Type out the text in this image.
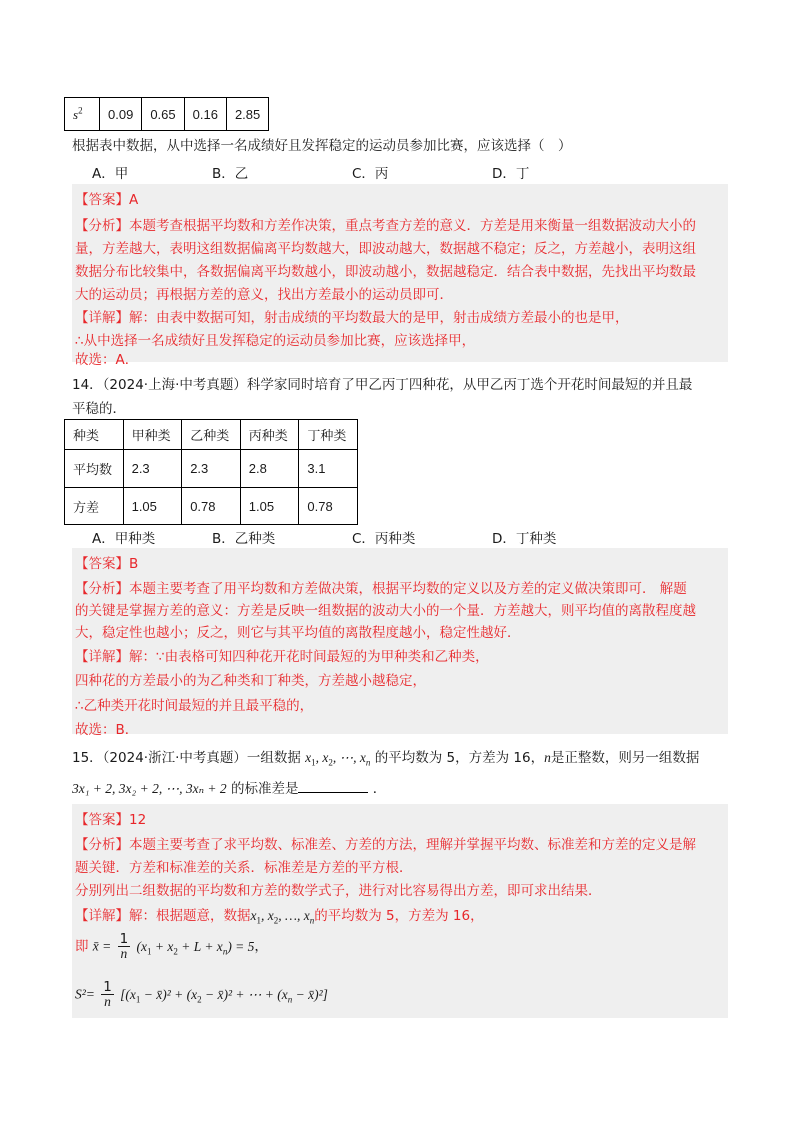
$s^2$	0.09	0.65	0.16	2.85
根据表中数据，从中选择一名成绩好且发挥稳定的运动员参加比赛，应该选择（　）
A．甲	B．乙	C．丙	D．丁
【答案】A
【分析】本题考查根据平均数和方差作决策，重点考查方差的意义．方差是用来衡量一组数据波动大小的
量，方差越大，表明这组数据偏离平均数越大，即波动越大，数据越不稳定；反之，方差越小，表明这组
数据分布比较集中，各数据偏离平均数越小，即波动越小，数据越稳定．结合表中数据，先找出平均数最
大的运动员；再根据方差的意义，找出方差最小的运动员即可．
【详解】解：由表中数据可知，射击成绩的平均数最大的是甲，射击成绩方差最小的也是甲，
∴从中选择一名成绩好且发挥稳定的运动员参加比赛，应该选择甲，
故选：A．
14．（2024·上海·中考真题）科学家同时培育了甲乙丙丁四种花，从甲乙丙丁选个开花时间最短的并且最
平稳的．
种类	甲种类	乙种类	丙种类	丁种类
平均数	2.3	2.3	2.8	3.1
方差	1.05	0.78	1.05	0.78
A．甲种类	B．乙种类	C．丙种类	D．丁种类
【答案】B
【分析】本题主要考查了用平均数和方差做决策，根据平均数的定义以及方差的定义做决策即可． 解题
的关键是掌握方差的意义：方差是反映一组数据的波动大小的一个量．方差越大，则平均值的离散程度越
大，稳定性也越小；反之，则它与其平均值的离散程度越小，稳定性越好．
【详解】解：∵由表格可知四种花开花时间最短的为甲种类和乙种类，
四种花的方差最小的为乙种类和丁种类，方差越小越稳定，
∴乙种类开花时间最短的并且最平稳的，
故选：B．
15．（2024·浙江·中考真题）一组数据 $x_1$, $x_2$, ⋯, $x_n$ 的平均数为 5，方差为 16，n是正整数，则另一组数据
3x₁ + 2, 3x₂ + 2, ⋯, 3xₙ + 2 的标准差是	．
【答案】12
【分析】本题主要考查了求平均数、标准差、方差的方法，理解并掌握平均数、标准差和方差的定义是解
题关键．方差和标准差的关系．标准差是方差的平方根．
分别列出二组数据的平均数和方差的数学式子，进行对比容易得出方差，即可求出结果．
【详解】解：根据题意，数据$x_1$, $x_2$, …, $x_n$的平均数为 5，方差为 16，
即 x̄ = $\frac{1}{n} (x_1 + x_2 + L + x_n) = 5$，
$S^2= \frac{1}{n} [(x_1$ − x̄)² + ($x_2$ − x̄)² + ⋯ + ($x_n$ − x̄)²]
